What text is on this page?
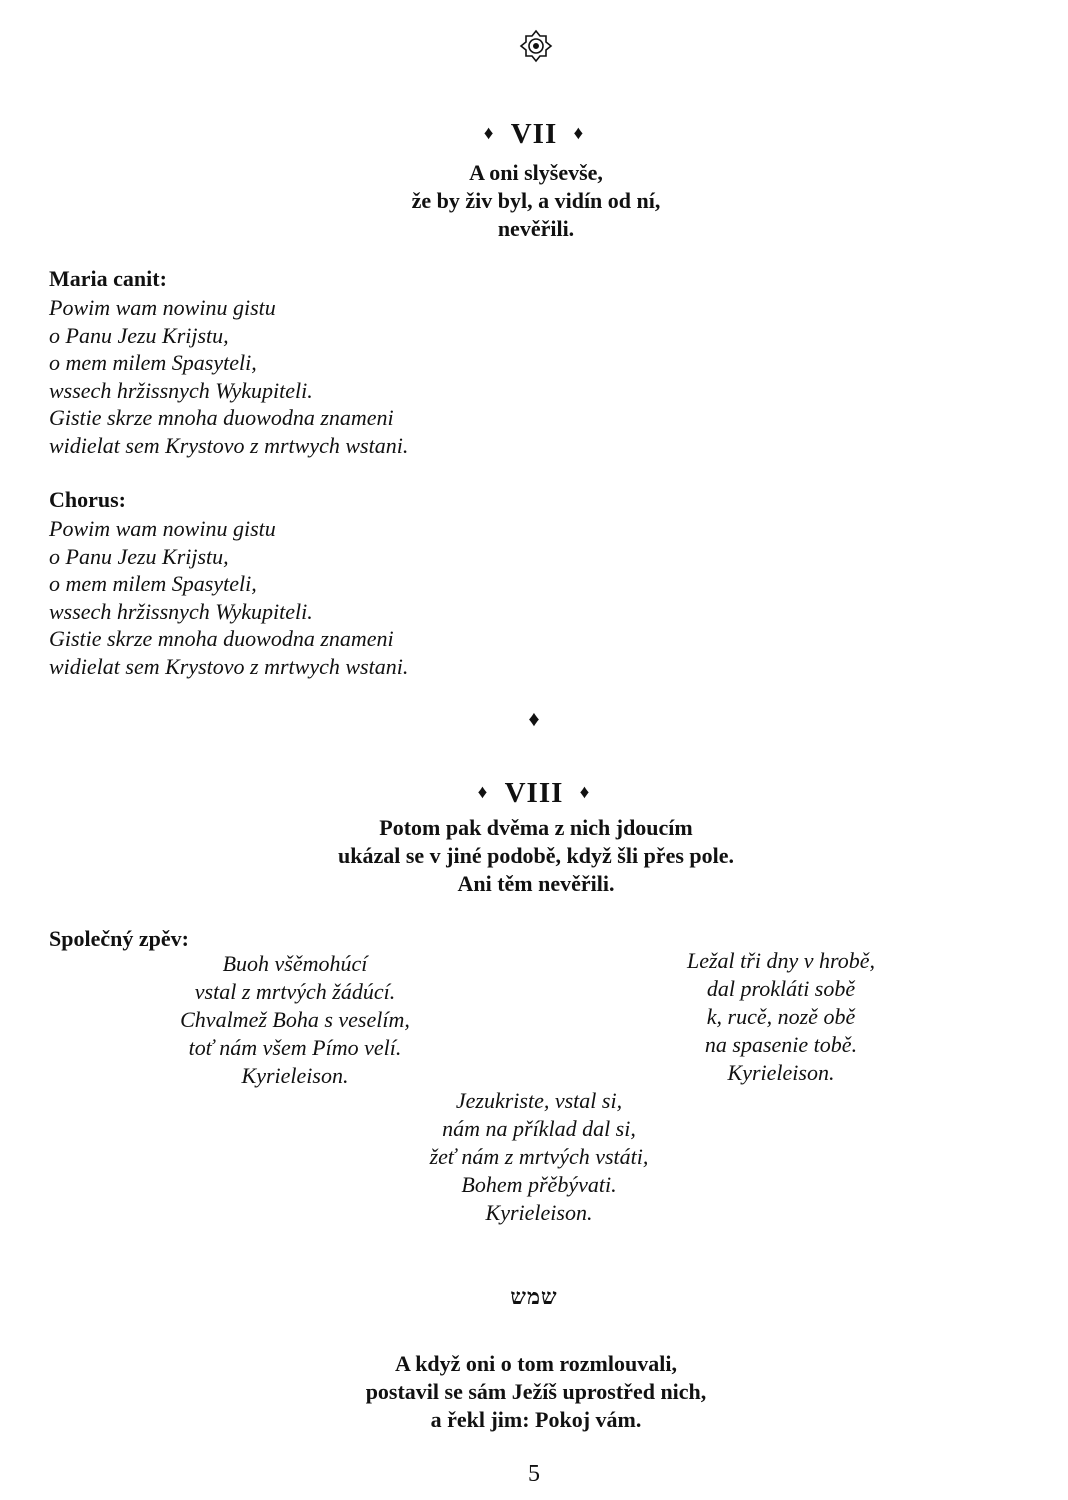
♦ VII ♦
A oni slyševše,
že by živ byl, a vidín od ní,
nevěřili.
Maria canit:
Powim wam nowinu gistu
o Panu Jezu Krijstu,
o mem milem Spasyteli,
wssech hržissnych Wykupiteli.
Gistie skrze mnoha duowodna znameni
widielat sem Krystovo z mrtwych wstani.
Chorus:
Powim wam nowinu gistu
o Panu Jezu Krijstu,
o mem milem Spasyteli,
wssech hržissnych Wykupiteli.
Gistie skrze mnoha duowodna znameni
widielat sem Krystovo z mrtwych wstani.
♦
♦ VIII ♦
Potom pak dvěma z nich jdoucím
ukázal se v jiné podobě, když šli přes pole.
Ani těm nevěřili.
Společný zpěv:
Buoh všěmohúcí
vstal z mrtvých žádúcí.
Chvalmež Boha s veselím,
toť nám všem Pímo velí.
Kyrieleison.
Ležal tři dny v hrobě,
dal prokláti sobě
k, rucě, nozě obě
na spasenie tobě.
Kyrieleison.
Jezukriste, vstal si,
nám na příklad dal si,
žeť nám z mrtvých vstáti,
Bohem přěbývati.
Kyrieleison.
שמש
A když oni o tom rozmlouvali,
postavil se sám Ježíš uprostřed nich,
a řekl jim: Pokoj vám.
5
